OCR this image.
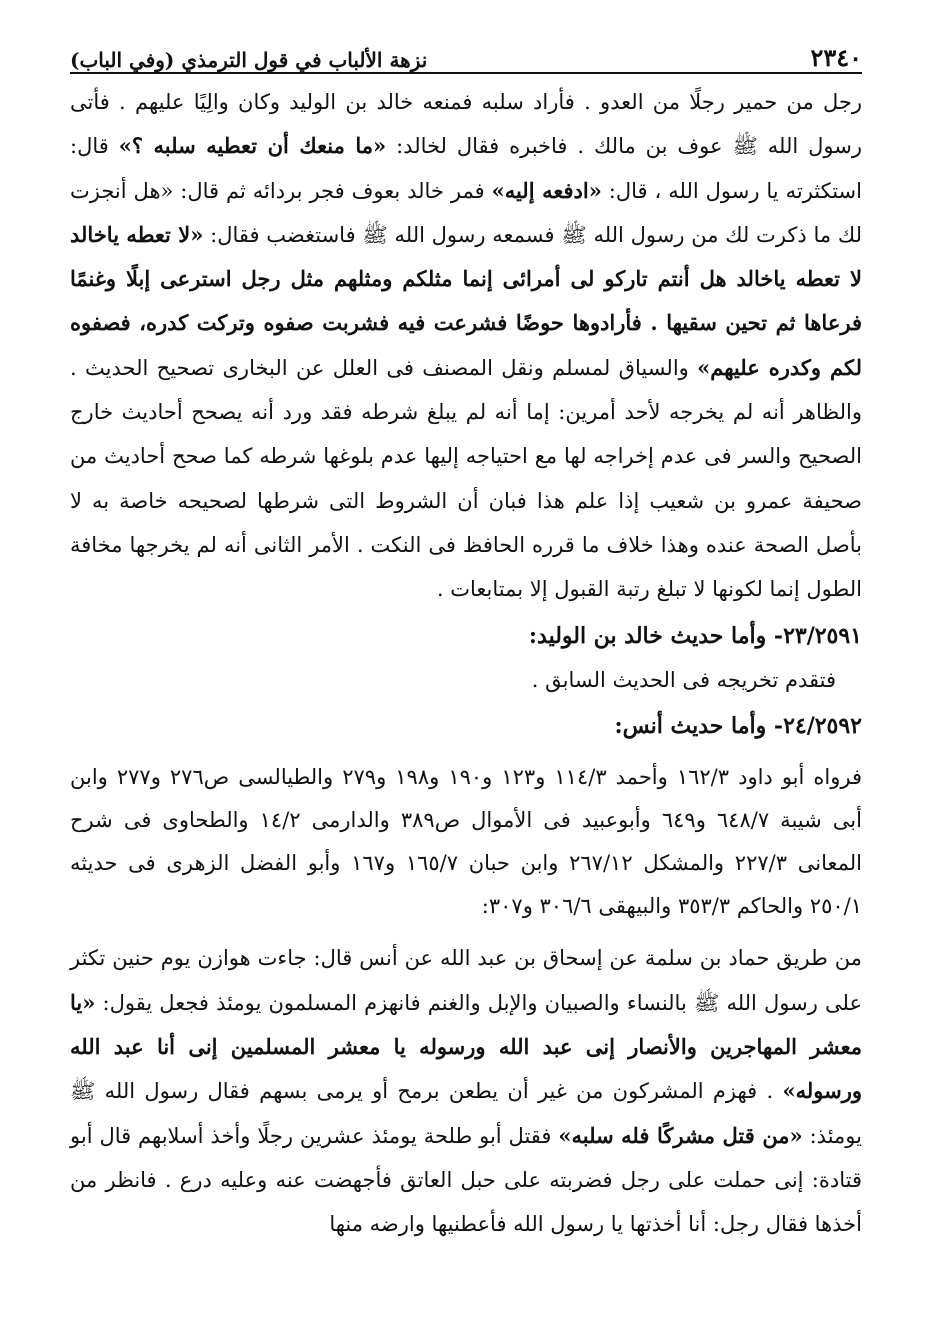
٢٣٤٠
نزهة الألباب في قول الترمذي (وفي الباب)

رجل من حمير رجلًا من العدو . فأراد سلبه فمنعه خالد بن الوليد وكان والِيًا عليهم . فأتى رسول الله ﷺ عوف بن مالك . فاخبره فقال لخالد: «ما منعك أن تعطيه سلبه ؟» قال: استكثرته يا رسول الله ، قال: «ادفعه إليه» فمر خالد بعوف فجر بردائه ثم قال: «هل أنجزت لك ما ذكرت لك من رسول الله ﷺ فسمعه رسول الله ﷺ فاستغضب فقال: «لا تعطه ياخالد لا تعطه ياخالد هل أنتم تاركو لى أمرائى إنما مثلكم ومثلهم مثل رجل استرعى إبلًا وغنمًا فرعاها ثم تحين سقيها . فأرادوها حوضًا فشرعت فيه فشربت صفوه وتركت كدره، فصفوه لكم وكدره عليهم» والسياق لمسلم ونقل المصنف فى العلل عن البخارى تصحيح الحديث . والظاهر أنه لم يخرجه لأحد أمرين: إما أنه لم يبلغ شرطه فقد ورد أنه يصحح أحاديث خارج الصحيح والسر فى عدم إخراجه لها مع احتياجه إليها عدم بلوغها شرطه كما صحح أحاديث من صحيفة عمرو بن شعيب إذا علم هذا فبان أن الشروط التى شرطها لصحيحه خاصة به لا بأصل الصحة عنده وهذا خلاف ما قرره الحافظ فى النكت . الأمر الثانى أنه لم يخرجها مخافة الطول إنما لكونها لا تبلغ رتبة القبول إلا بمتابعات .

٢٣/٢٥٩١- وأما حديث خالد بن الوليد:

فتقدم تخريجه فى الحديث السابق .

٢٤/٢٥٩٢- وأما حديث أنس:

فرواه أبو داود ١٦٢/٣ وأحمد ١١٤/٣ و١٢٣ و١٩٠ و١٩٨ و٢٧٩ والطيالسى ص٢٧٦ و٢٧٧ وابن أبى شيبة ٦٤٨/٧ و٦٤٩ وأبوعبيد فى الأموال ص٣٨٩ والدارمى ١٤/٢ والطحاوى فى شرح المعانى ٢٢٧/٣ والمشكل ٢٦٧/١٢ وابن حبان ١٦٥/٧ و١٦٧ وأبو الفضل الزهرى فى حديثه ٢٥٠/١ والحاكم ٣٥٣/٣ والبيهقى ٣٠٦/٦ و٣٠٧:

من طريق حماد بن سلمة عن إسحاق بن عبد الله عن أنس قال: جاءت هوازن يوم حنين تكثر على رسول الله ﷺ بالنساء والصبيان والإبل والغنم فانهزم المسلمون يومئذ فجعل يقول: «يا معشر المهاجرين والأنصار إنى عبد الله ورسوله يا معشر المسلمين إنى أنا عبد الله ورسوله» . فهزم المشركون من غير أن يطعن برمح أو يرمى بسهم فقال رسول الله ﷺ يومئذ: «من قتل مشركًا فله سلبه» فقتل أبو طلحة يومئذ عشرين رجلًا وأخذ أسلابهم قال أبو قتادة: إنى حملت على رجل فضربته على حبل العاتق فأجهضت عنه وعليه درع . فانظر من أخذها فقال رجل: أنا أخذتها يا رسول الله فأعطنيها وارضه منها
